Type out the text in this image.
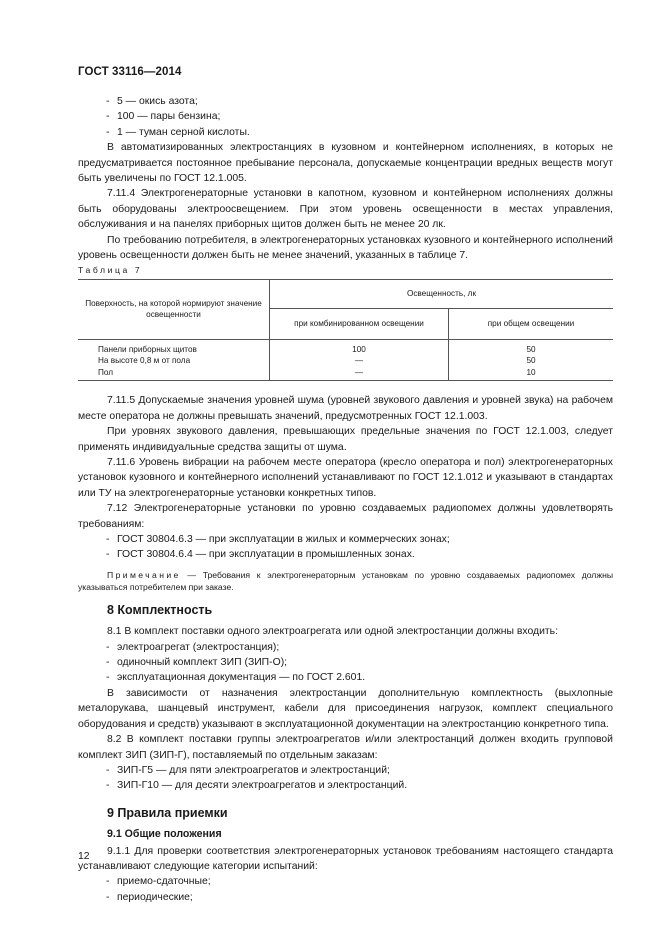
ГОСТ 33116—2014

- 5 — окись азота;

- 100 — пары бензина;

- 1 — туман серной кислоты.

В автоматизированных электростанциях в кузовном и контейнерном исполнениях, в которых не предусматривается постоянное пребывание персонала, допускаемые концентрации вредных веществ могут быть увеличены по ГОСТ 12.1.005.

7.11.4 Электрогенераторные установки в капотном, кузовном и контейнерном исполнениях должны быть оборудованы электроосвещением. При этом уровень освещенности в местах управления, обслуживания и на панелях приборных щитов должен быть не менее 20 лк.

По требованию потребителя, в электрогенераторных установках кузовного и контейнерного исполнений уровень освещенности должен быть не менее значений, указанных в таблице 7.

Таблица 7

Поверхность, на которой нормируют значение освещенности	Освещенность, лк	
	при комбинированном освещении	при общем освещении
Панели приборных щитов	100	50
На высоте 0,8 м от пола	—	50
Пол	—	10

7.11.5 Допускаемые значения уровней шума (уровней звукового давления и уровней звука) на рабочем месте оператора не должны превышать значений, предусмотренных ГОСТ 12.1.003.

При уровнях звукового давления, превышающих предельные значения по ГОСТ 12.1.003, следует применять индивидуальные средства защиты от шума.

7.11.6 Уровень вибрации на рабочем месте оператора (кресло оператора и пол) электрогенераторных установок кузовного и контейнерного исполнений устанавливают по ГОСТ 12.1.012 и указывают в стандартах или ТУ на электрогенераторные установки конкретных типов.

7.12 Электрогенераторные установки по уровню создаваемых радиопомех должны удовлетворять требованиям:

- ГОСТ 30804.6.3 — при эксплуатации в жилых и коммерческих зонах;

- ГОСТ 30804.6.4 — при эксплуатации в промышленных зонах.

Примечание — Требования к электрогенераторным установкам по уровню создаваемых радиопомех должны указываться потребителем при заказе.

8 Комплектность

8.1 В комплект поставки одного электроагрегата или одной электростанции должны входить:

- электроагрегат (электростанция);

- одиночный комплект ЗИП (ЗИП-О);

- эксплуатационная документация — по ГОСТ 2.601.

В зависимости от назначения электростанции дополнительную комплектность (выхлопные металорукава, шанцевый инструмент, кабели для присоединения нагрузок, комплект специального оборудования и средств) указывают в эксплуатационной документации на электростанцию конкретного типа.

8.2 В комплект поставки группы электроагрегатов и/или электростанций должен входить групповой комплект ЗИП (ЗИП-Г), поставляемый по отдельным заказам:

- ЗИП-Г5 — для пяти электроагрегатов и электростанций;

- ЗИП-Г10 — для десяти электроагрегатов и электростанций.

9 Правила приемки
9.1 Общие положения

9.1.1 Для проверки соответствия электрогенераторных установок требованиям настоящего стандарта устанавливают следующие категории испытаний:

- приемо-сдаточные;

- периодические;

12
